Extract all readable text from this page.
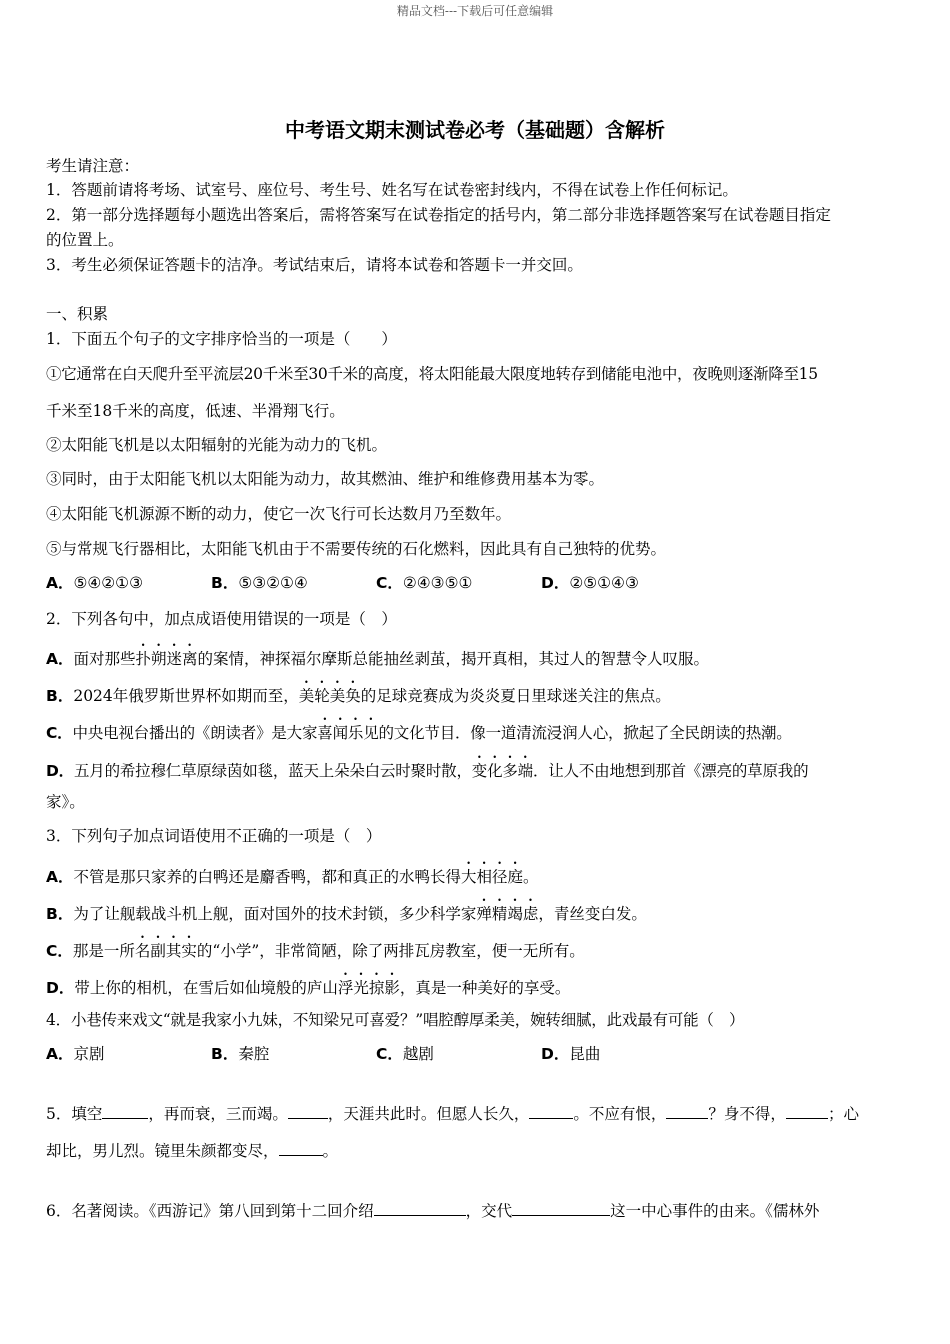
精品文档---下载后可任意编辑
中考语文期末测试卷必考（基础题）含解析
考生请注意：
1．答题前请将考场、试室号、座位号、考生号、姓名写在试卷密封线内，不得在试卷上作任何标记。
2．第一部分选择题每小题选出答案后，需将答案写在试卷指定的括号内，第二部分非选择题答案写在试卷题目指定
的位置上。
3．考生必须保证答题卡的洁净。考试结束后，请将本试卷和答题卡一并交回。
一、积累
1．下面五个句子的文字排序恰当的一项是（　　）
①它通常在白天爬升至平流层20千米至30千米的高度，将太阳能最大限度地转存到储能电池中，夜晚则逐渐降至15
千米至18千米的高度，低速、半滑翔飞行。
②太阳能飞机是以太阳辐射的光能为动力的飞机。
③同时，由于太阳能飞机以太阳能为动力，故其燃油、维护和维修费用基本为零。
④太阳能飞机源源不断的动力，使它一次飞行可长达数月乃至数年。
⑤与常规飞行器相比，太阳能飞机由于不需要传统的石化燃料，因此具有自己独特的优势。
A．⑤④②①③	B．⑤③②①④	C．②④③⑤①	D．②⑤①④③
2．下列各句中，加点成语使用错误的一项是（　）
A．面对那些扑朔迷离的案情，神探福尔摩斯总能抽丝剥茧，揭开真相，其过人的智慧令人叹服。
B．2024年俄罗斯世界杯如期而至，美轮美奂的足球竞赛成为炎炎夏日里球迷关注的焦点。
C．中央电视台播出的《朗读者》是大家喜闻乐见的文化节目．像一道清流浸润人心，掀起了全民朗读的热潮。
D．五月的希拉穆仁草原绿茵如毯，蓝天上朵朵白云时聚时散，变化多端．让人不由地想到那首《漂亮的草原我的
家》。
3．下列句子加点词语使用不正确的一项是（　）
A．不管是那只家养的白鸭还是麝香鸭，都和真正的水鸭长得大相径庭。
B．为了让舰载战斗机上舰，面对国外的技术封锁，多少科学家殚精竭虑，青丝变白发。
C．那是一所名副其实的“小学”，非常简陋，除了两排瓦房教室，便一无所有。
D．带上你的相机，在雪后如仙境般的庐山浮光掠影，真是一种美好的享受。
4．小巷传来戏文“就是我家小九妹，不知梁兄可喜爱？”唱腔醇厚柔美，婉转细腻，此戏最有可能（　）
A．京剧	B．秦腔	C．越剧	D．昆曲
5．填空	，再而衰，三而竭。	，天涯共此时。但愿人长久，	。不应有恨，	？身不得，	；心
却比，男儿烈。镜里朱颜都变尽，	。
6．名著阅读。《西游记》第八回到第十二回介绍	，交代	这一中心事件的由来。《儒林外
